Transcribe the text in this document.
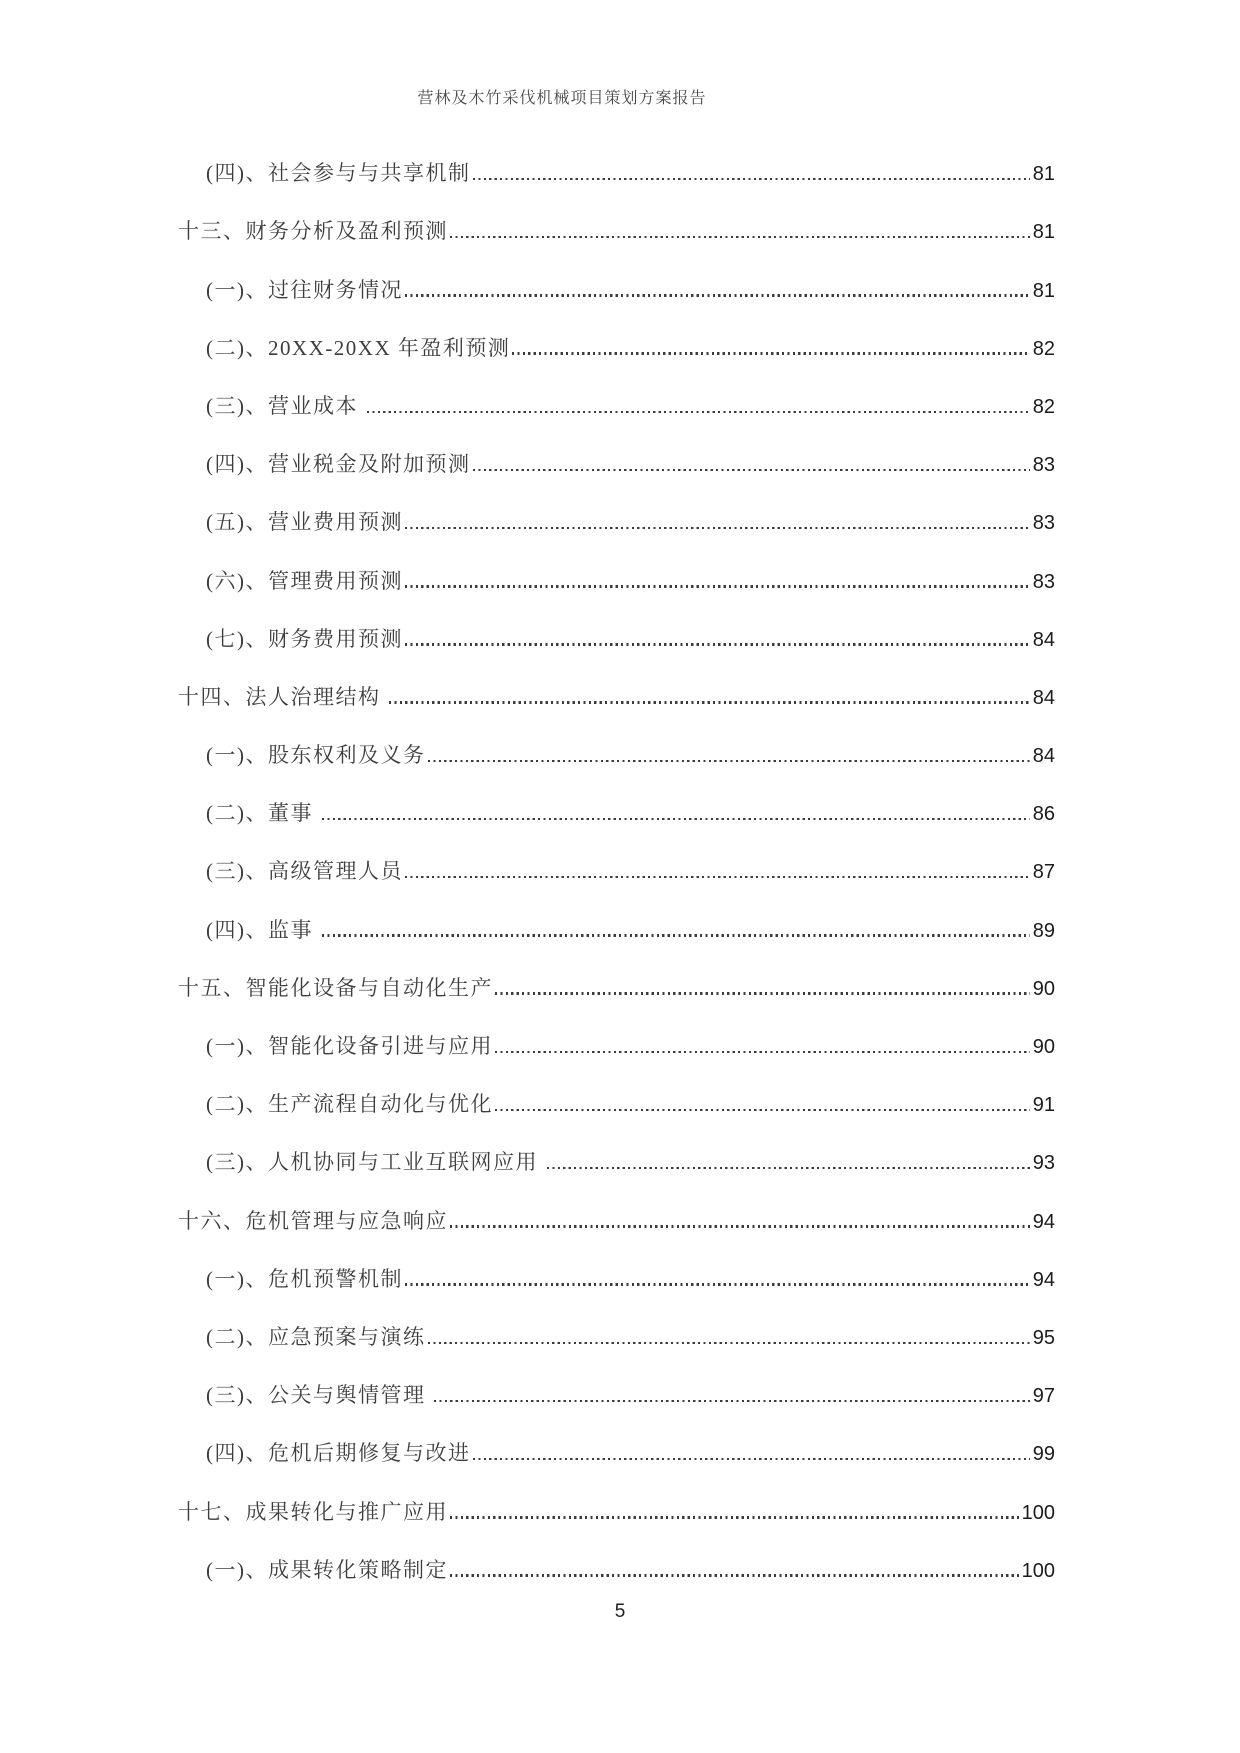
营林及木竹采伐机械项目策划方案报告
(四)、社会参与与共享机制	81
十三、财务分析及盈利预测	81
(一)、过往财务情况	81
(二)、20XX-20XX 年盈利预测	82
(三)、营业成本	82
(四)、营业税金及附加预测	83
(五)、营业费用预测	83
(六)、管理费用预测	83
(七)、财务费用预测	84
十四、法人治理结构	84
(一)、股东权利及义务	84
(二)、董事	86
(三)、高级管理人员	87
(四)、监事	89
十五、智能化设备与自动化生产	90
(一)、智能化设备引进与应用	90
(二)、生产流程自动化与优化	91
(三)、人机协同与工业互联网应用	93
十六、危机管理与应急响应	94
(一)、危机预警机制	94
(二)、应急预案与演练	95
(三)、公关与舆情管理	97
(四)、危机后期修复与改进	99
十七、成果转化与推广应用	100
(一)、成果转化策略制定	100
5
